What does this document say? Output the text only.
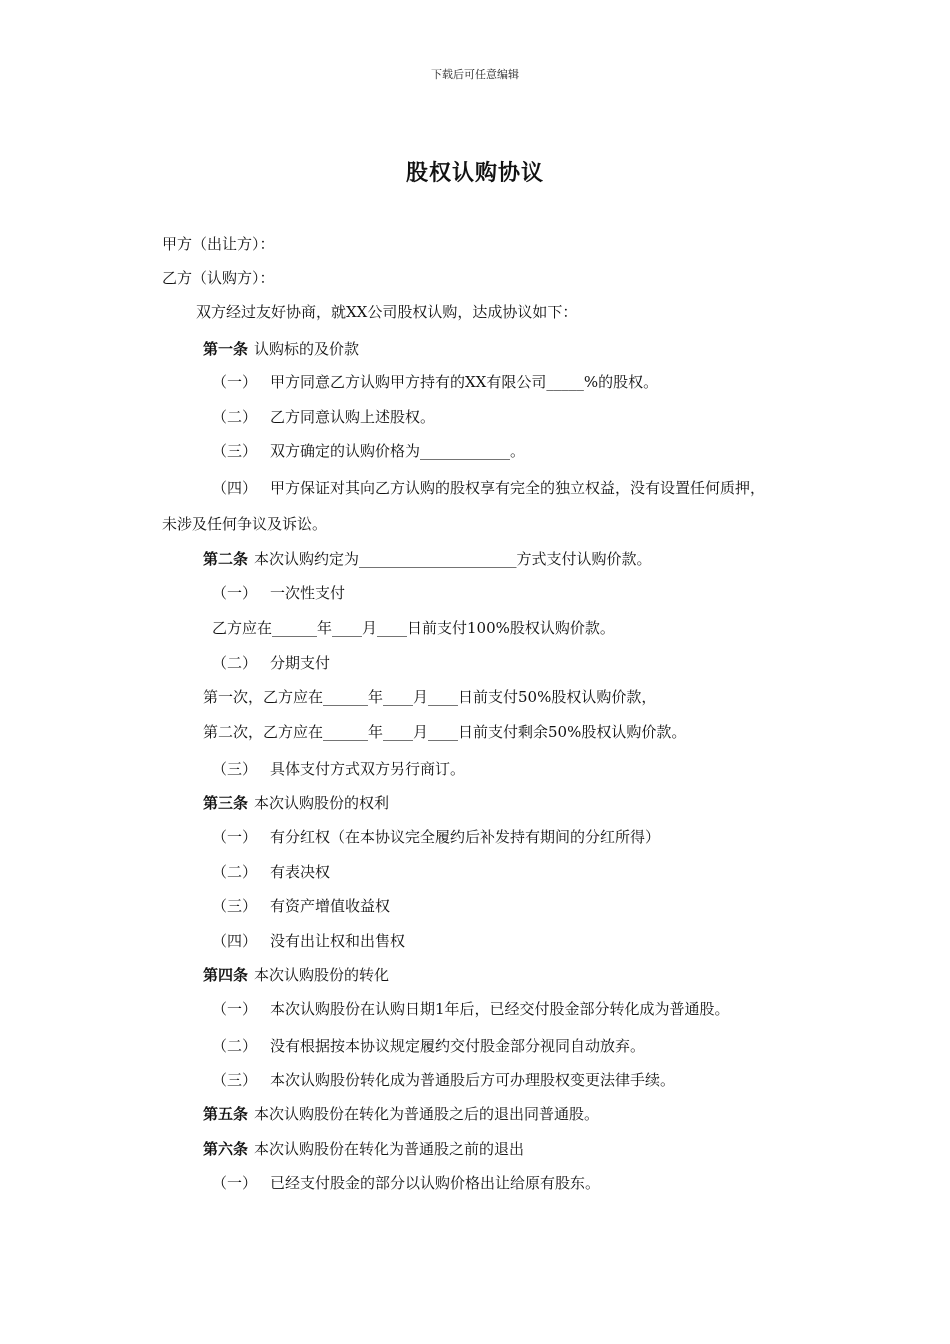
下载后可任意编辑
股权认购协议
甲方（出让方）：
乙方（认购方）：
双方经过友好协商，就XX公司股权认购，达成协议如下：
第一条 认购标的及价款
（一） 甲方同意乙方认购甲方持有的XX有限公司_____%的股权。
（二） 乙方同意认购上述股权。
（三） 双方确定的认购价格为____________。
（四） 甲方保证对其向乙方认购的股权享有完全的独立权益，没有设置任何质押，
未涉及任何争议及诉讼。
第二条 本次认购约定为_____________________方式支付认购价款。
（一） 一次性支付
乙方应在______年____月____日前支付100%股权认购价款。
（二） 分期支付
第一次，乙方应在______年____月____日前支付50%股权认购价款，
第二次，乙方应在______年____月____日前支付剩余50%股权认购价款。
（三） 具体支付方式双方另行商订。
第三条 本次认购股份的权利
（一） 有分红权（在本协议完全履约后补发持有期间的分红所得）
（二） 有表决权
（三） 有资产增值收益权
（四） 没有出让权和出售权
第四条 本次认购股份的转化
（一） 本次认购股份在认购日期1年后，已经交付股金部分转化成为普通股。
（二） 没有根据按本协议规定履约交付股金部分视同自动放弃。
（三） 本次认购股份转化成为普通股后方可办理股权变更法律手续。
第五条 本次认购股份在转化为普通股之后的退出同普通股。
第六条 本次认购股份在转化为普通股之前的退出
（一） 已经支付股金的部分以认购价格出让给原有股东。
